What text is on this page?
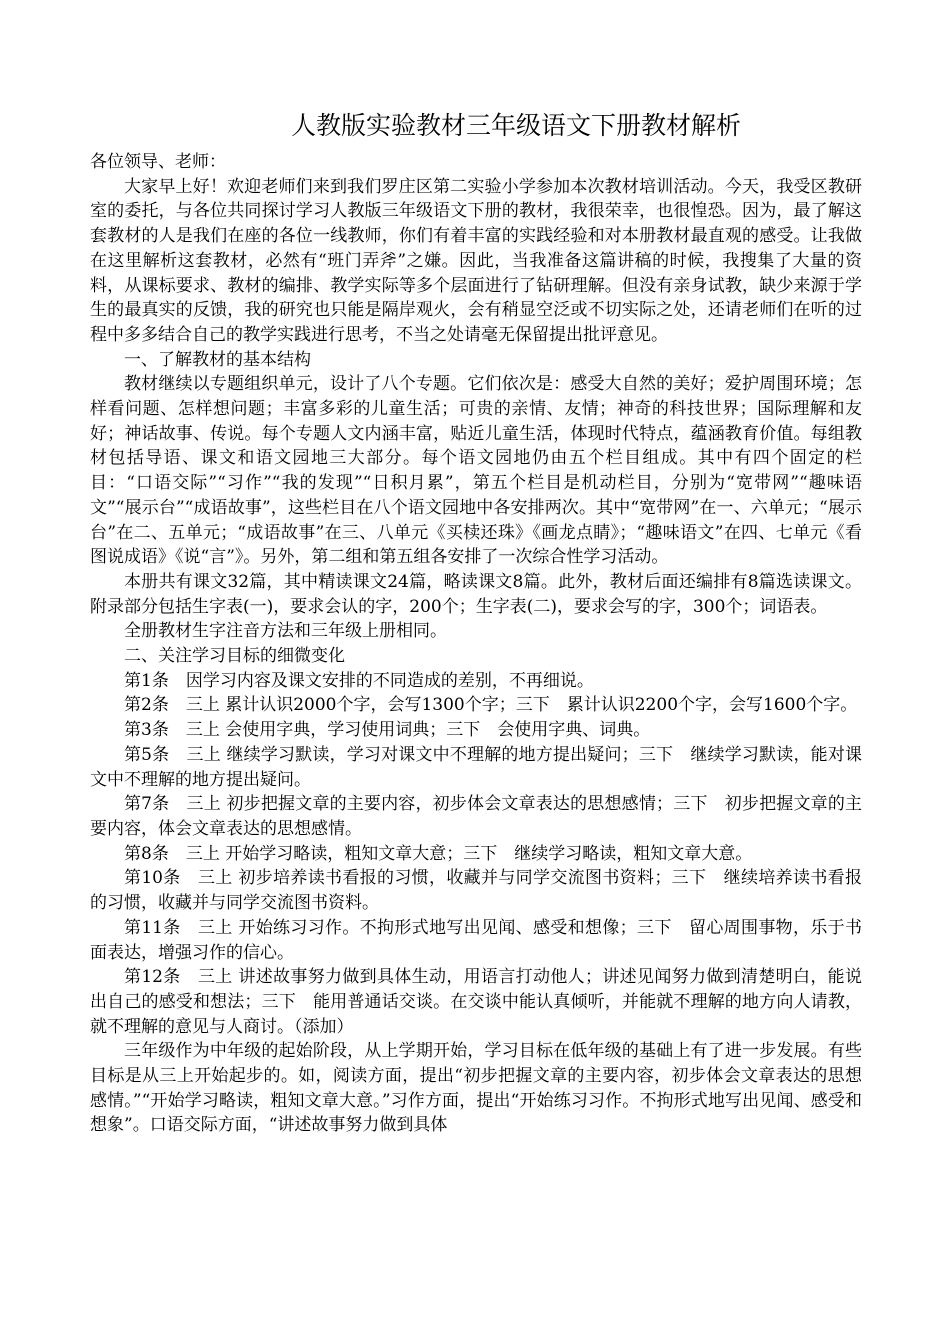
人教版实验教材三年级语文下册教材解析

各位领导、老师：

大家早上好！欢迎老师们来到我们罗庄区第二实验小学参加本次教材培训活动。今天，我受区教研室的委托，与各位共同探讨学习人教版三年级语文下册的教材，我很荣幸，也很惶恐。因为，最了解这套教材的人是我们在座的各位一线教师，你们有着丰富的实践经验和对本册教材最直观的感受。让我做在这里解析这套教材，必然有“班门弄斧”之嫌。因此，当我准备这篇讲稿的时候，我搜集了大量的资料，从课标要求、教材的编排、教学实际等多个层面进行了钻研理解。但没有亲身试教，缺少来源于学生的最真实的反馈，我的研究也只能是隔岸观火，会有稍显空泛或不切实际之处，还请老师们在听的过程中多多结合自己的教学实践进行思考，不当之处请毫无保留提出批评意见。

一、了解教材的基本结构

教材继续以专题组织单元，设计了八个专题。它们依次是：感受大自然的美好；爱护周围环境；怎样看问题、怎样想问题；丰富多彩的儿童生活；可贵的亲情、友情；神奇的科技世界；国际理解和友好；神话故事、传说。每个专题人文内涵丰富，贴近儿童生活，体现时代特点，蕴涵教育价值。每组教材包括导语、课文和语文园地三大部分。每个语文园地仍由五个栏目组成。其中有四个固定的栏目：“口语交际”“习作”“我的发现”“日积月累”，第五个栏目是机动栏目，分别为“宽带网”“趣味语文”“展示台”“成语故事”，这些栏目在八个语文园地中各安排两次。其中“宽带网”在一、六单元；“展示台”在二、五单元；“成语故事”在三、八单元《买椟还珠》《画龙点睛》；“趣味语文”在四、七单元《看图说成语》《说“言”》。另外，第二组和第五组各安排了一次综合性学习活动。

本册共有课文32篇，其中精读课文24篇，略读课文8篇。此外，教材后面还编排有8篇选读课文。附录部分包括生字表(一)，要求会认的字，200个；生字表(二)，要求会写的字，300个；词语表。

全册教材生字注音方法和三年级上册相同。

二、关注学习目标的细微变化

第1条　因学习内容及课文安排的不同造成的差别，不再细说。

第2条　三上 累计认识2000个字，会写1300个字；三下　累计认识2200个字，会写1600个字。

第3条　三上 会使用字典，学习使用词典；三下　会使用字典、词典。

第5条　三上 继续学习默读，学习对课文中不理解的地方提出疑问；三下　继续学习默读，能对课文中不理解的地方提出疑问。

第7条　三上 初步把握文章的主要内容，初步体会文章表达的思想感情；三下　初步把握文章的主要内容，体会文章表达的思想感情。

第8条　三上 开始学习略读，粗知文章大意；三下　继续学习略读，粗知文章大意。

第10条　三上 初步培养读书看报的习惯，收藏并与同学交流图书资料；三下　继续培养读书看报的习惯，收藏并与同学交流图书资料。

第11条　三上 开始练习习作。不拘形式地写出见闻、感受和想像；三下　留心周围事物，乐于书面表达，增强习作的信心。

第12条　三上 讲述故事努力做到具体生动，用语言打动他人；讲述见闻努力做到清楚明白，能说出自己的感受和想法；三下　能用普通话交谈。在交谈中能认真倾听，并能就不理解的地方向人请教，就不理解的意见与人商讨。（添加）

三年级作为中年级的起始阶段，从上学期开始，学习目标在低年级的基础上有了进一步发展。有些目标是从三上开始起步的。如，阅读方面，提出“初步把握文章的主要内容，初步体会文章表达的思想感情。”“开始学习略读，粗知文章大意。”习作方面，提出“开始练习习作。不拘形式地写出见闻、感受和想象”。口语交际方面，“讲述故事努力做到具体
